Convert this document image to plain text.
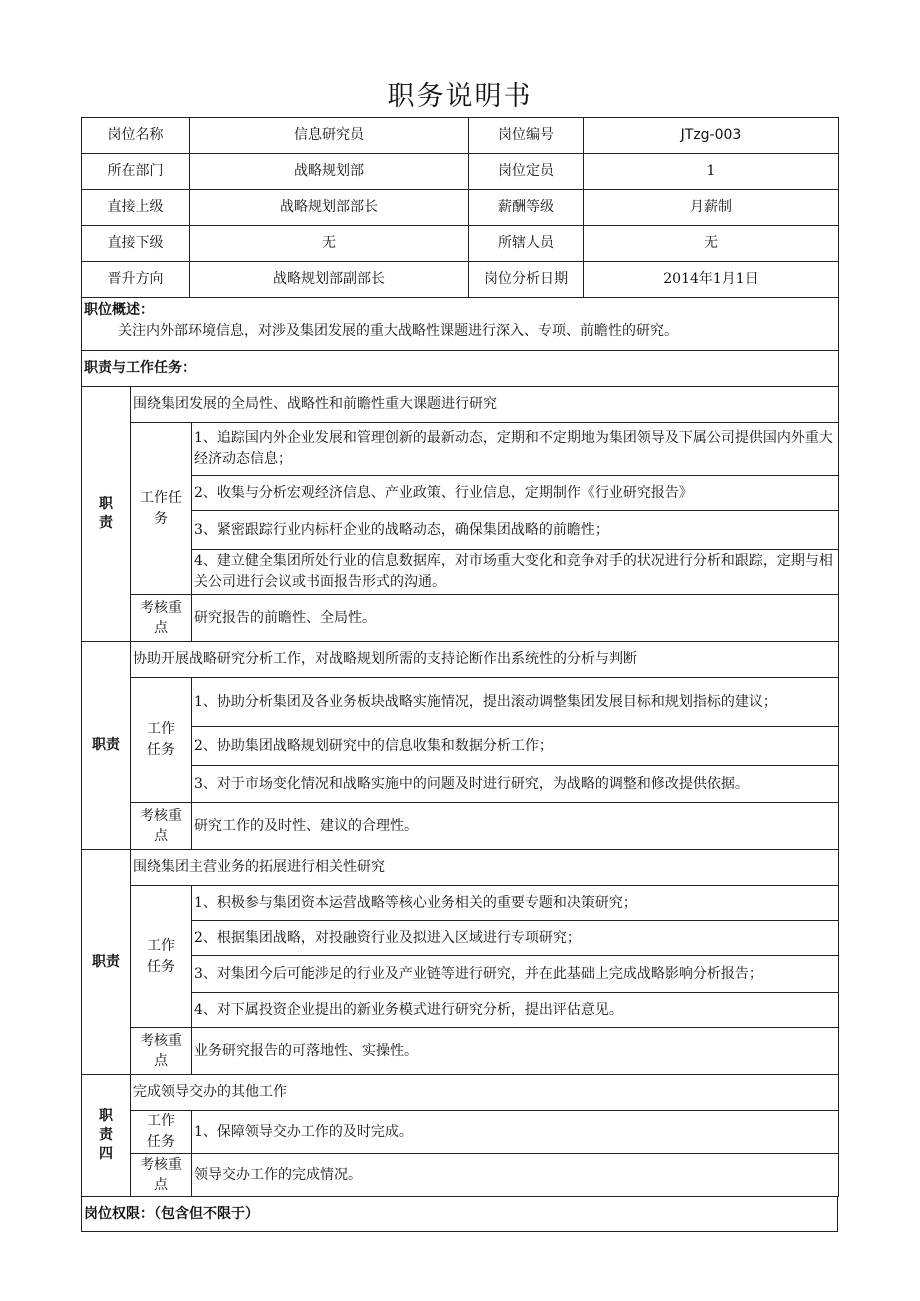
职务说明书
岗位名称	信息研究员	岗位编号	JTzg-003
所在部门	战略规划部	岗位定员	1
直接上级	战略规划部部长	薪酬等级	月薪制
直接下级	无	所辖人员	无
晋升方向	战略规划部副部长	岗位分析日期	2014年1月1日

职位概述：
关注内外部环境信息，对涉及集团发展的重大战略性课题进行深入、专项、前瞻性的研究。			

职责与工作任务：			
职
责	围绕集团发展的全局性、战略性和前瞻性重大课题进行研究	
	工作任
务	1、追踪国内外企业发展和管理创新的最新动态，定期和不定期地为集团领导及下属公司提供国内外重大经济动态信息；
		2、收集与分析宏观经济信息、产业政策、行业信息，定期制作《行业研究报告》
		3、紧密跟踪行业内标杆企业的战略动态，确保集团战略的前瞻性；
		4、建立健全集团所处行业的信息数据库，对市场重大变化和竞争对手的状况进行分析和跟踪，定期与相关公司进行会议或书面报告形式的沟通。
	考核重
点	研究报告的前瞻性、全局性。
职责	协助开展战略研究分析工作，对战略规划所需的支持论断作出系统性的分析与判断	
	工作
任务	1、协助分析集团及各业务板块战略实施情况，提出滚动调整集团发展目标和规划指标的建议；
		2、协助集团战略规划研究中的信息收集和数据分析工作；
		3、对于市场变化情况和战略实施中的问题及时进行研究，为战略的调整和修改提供依据。
	考核重
点	研究工作的及时性、建议的合理性。
职责	围绕集团主营业务的拓展进行相关性研究	
	工作
任务	1、积极参与集团资本运营战略等核心业务相关的重要专题和决策研究；
		2、根据集团战略，对投融资行业及拟进入区域进行专项研究；
		3、对集团今后可能涉足的行业及产业链等进行研究，并在此基础上完成战略影响分析报告；
		4、对下属投资企业提出的新业务模式进行研究分析，提出评估意见。
	考核重
点	业务研究报告的可落地性、实操性。
职
责
四	完成领导交办的其他工作	
	工作
任务	1、保障领导交办工作的及时完成。
	考核重
点	领导交办工作的完成情况。
岗位权限：（包含但不限于）
